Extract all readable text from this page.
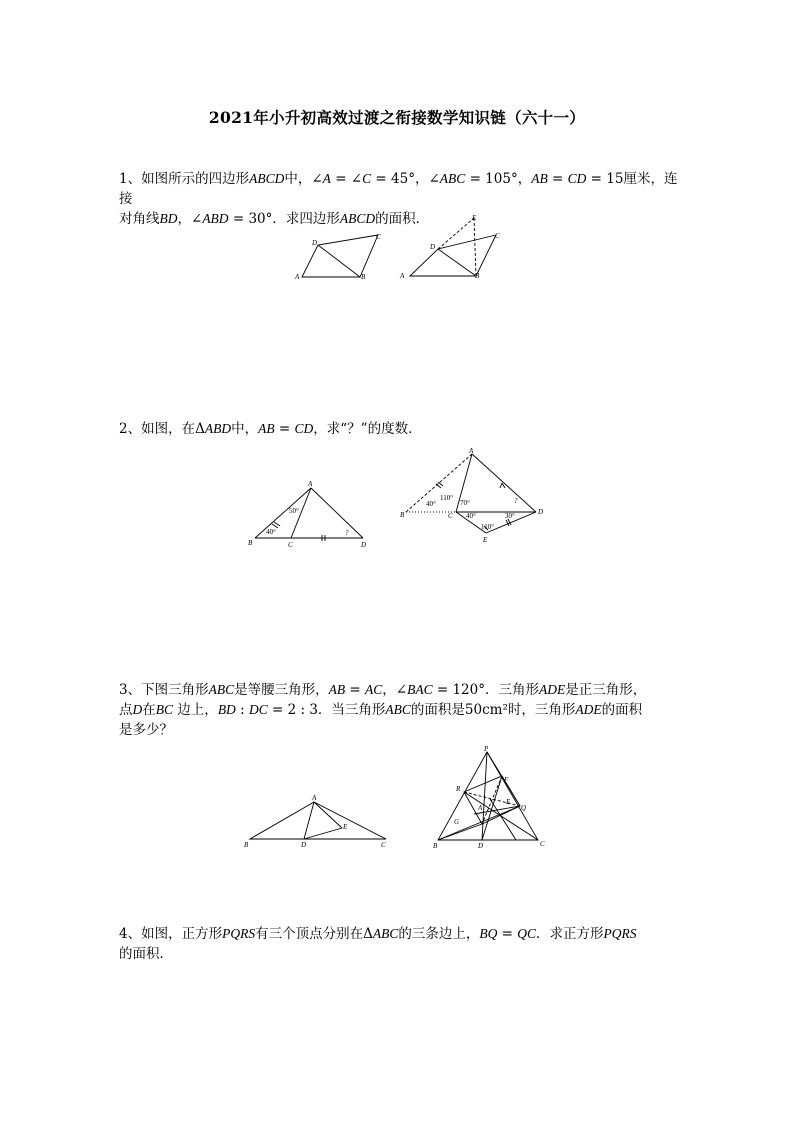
2021年小升初高效过渡之衔接数学知识链（六十一）
1、如图所示的四边形ABCD中，∠A = ∠C = 45°，∠ABC = 105°，AB = CD = 15厘米，连接
对角线BD，∠ABD = 30°．求四边形ABCD的面积．
A	B
C
D
A	B
C
D
E
2、如图，在ΔABD中，AB = CD，求“？”的度数．
A
B	C	D
50°
40°	?
A
B	C	D
E
40°
110°
70°
40°	30°
110°
?
3、下图三角形ABC是等腰三角形，AB = AC，∠BAC = 120°．三角形ADE是正三角形，
点D在BC 边上，BD : DC = 2 : 3．当三角形ABC的面积是50cm²时，三角形ADE的面积
是多少？
A
B	C
D
E
P
R
Q
F
A
G
E
B	D	C
4、如图，正方形PQRS有三个顶点分别在ΔABC的三条边上，BQ = QC．求正方形PQRS
的面积．
